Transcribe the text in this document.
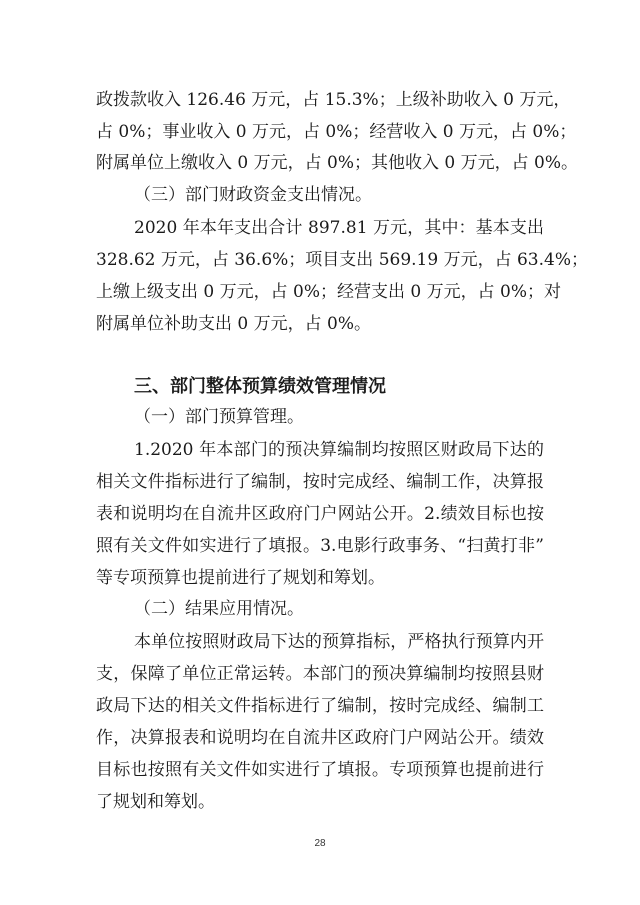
政拨款收入 126.46 万元，占 15.3%；上级补助收入 0 万元，
占 0%；事业收入 0 万元，占 0%；经营收入 0 万元，占 0%；
附属单位上缴收入 0 万元，占 0%；其他收入 0 万元，占 0%。
（三）部门财政资金支出情况。
2020 年本年支出合计 897.81 万元，其中：基本支出
328.62 万元，占 36.6%；项目支出 569.19 万元，占 63.4%；
上缴上级支出 0 万元，占 0%；经营支出 0 万元，占 0%；对
附属单位补助支出 0 万元，占 0%。
三、部门整体预算绩效管理情况
（一）部门预算管理。
1.2020 年本部门的预决算编制均按照区财政局下达的
相关文件指标进行了编制，按时完成经、编制工作，决算报
表和说明均在自流井区政府门户网站公开。2.绩效目标也按
照有关文件如实进行了填报。3.电影行政事务、“扫黄打非”
等专项预算也提前进行了规划和筹划。
（二）结果应用情况。
本单位按照财政局下达的预算指标，严格执行预算内开
支，保障了单位正常运转。本部门的预决算编制均按照县财
政局下达的相关文件指标进行了编制，按时完成经、编制工
作，决算报表和说明均在自流井区政府门户网站公开。绩效
目标也按照有关文件如实进行了填报。专项预算也提前进行
了规划和筹划。
28
